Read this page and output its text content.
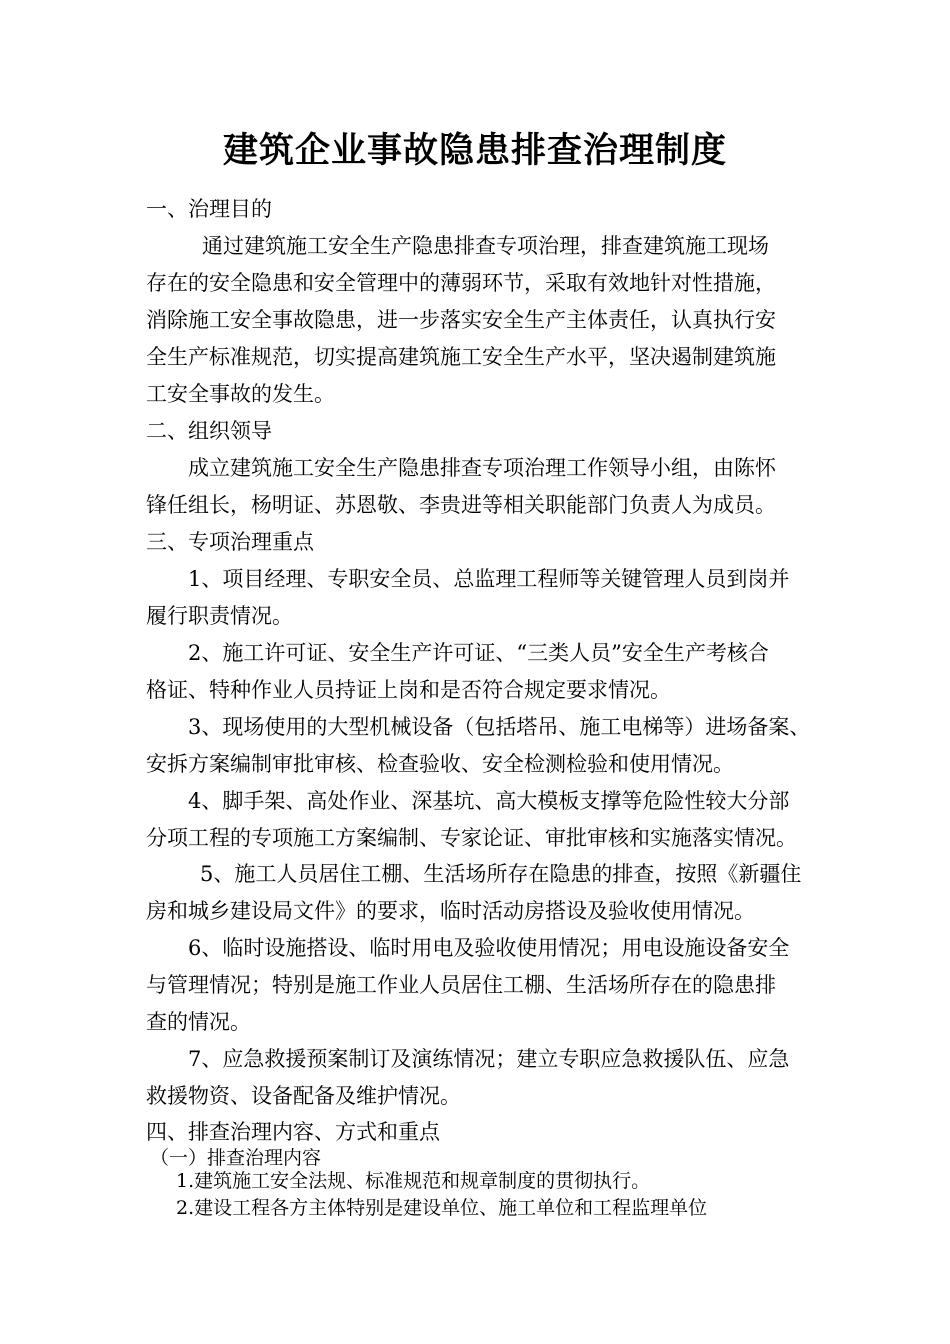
建筑企业事故隐患排查治理制度

一、治理目的

通过建筑施工安全生产隐患排查专项治理，排查建筑施工现场

存在的安全隐患和安全管理中的薄弱环节，采取有效地针对性措施，

消除施工安全事故隐患，进一步落实安全生产主体责任，认真执行安

全生产标准规范，切实提高建筑施工安全生产水平，坚决遏制建筑施

工安全事故的发生。

二、组织领导

成立建筑施工安全生产隐患排查专项治理工作领导小组，由陈怀

锋任组长，杨明证、苏恩敬、李贵进等相关职能部门负责人为成员。

三、专项治理重点

1、项目经理、专职安全员、总监理工程师等关键管理人员到岗并

履行职责情况。

2、施工许可证、安全生产许可证、“三类人员”安全生产考核合

格证、特种作业人员持证上岗和是否符合规定要求情况。

3、现场使用的大型机械设备（包括塔吊、施工电梯等）进场备案、

安拆方案编制审批审核、检查验收、安全检测检验和使用情况。

4、脚手架、高处作业、深基坑、高大模板支撑等危险性较大分部

分项工程的专项施工方案编制、专家论证、审批审核和实施落实情况。

5、施工人员居住工棚、生活场所存在隐患的排查，按照《新疆住

房和城乡建设局文件》的要求，临时活动房搭设及验收使用情况。

6、临时设施搭设、临时用电及验收使用情况；用电设施设备安全

与管理情况；特别是施工作业人员居住工棚、生活场所存在的隐患排

查的情况。

7、应急救援预案制订及演练情况；建立专职应急救援队伍、应急

救援物资、设备配备及维护情况。

四、排查治理内容、方式和重点

（一）排查治理内容

1.建筑施工安全法规、标准规范和规章制度的贯彻执行。

2.建设工程各方主体特别是建设单位、施工单位和工程监理单位
